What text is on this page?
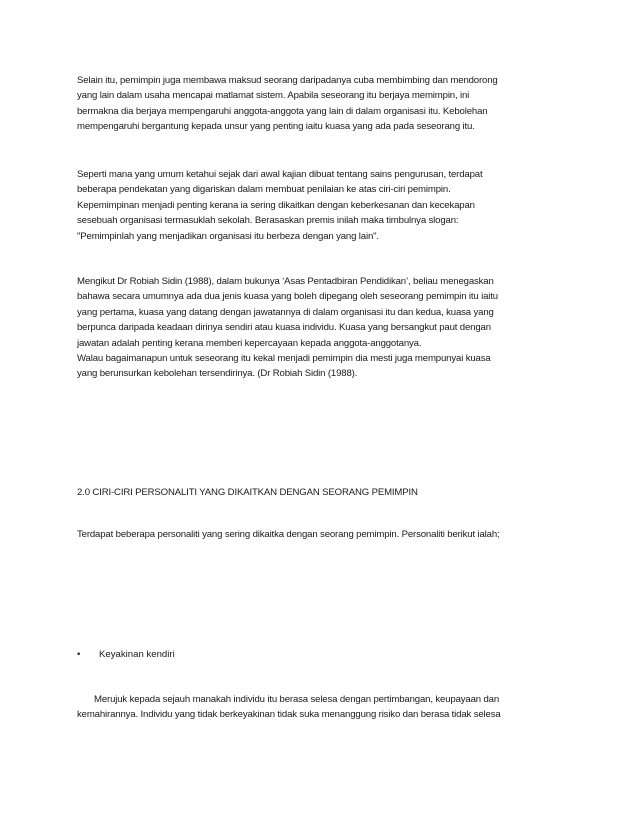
Selain itu, pemimpin juga membawa maksud seorang daripadanya cuba membimbing dan mendorong
yang lain dalam usaha mencapai matlamat sistem. Apabila seseorang itu berjaya memimpin, ini
bermakna dia berjaya mempengaruhi anggota-anggota yang lain di dalam organisasi itu. Kebolehan
mempengaruhi bergantung kepada unsur yang penting iaitu kuasa yang ada pada seseorang itu.
Seperti mana yang umum ketahui sejak dari awal kajian dibuat tentang sains pengurusan, terdapat
beberapa pendekatan yang digariskan dalam membuat penilaian ke atas ciri-ciri pemimpin.
Kepemimpinan menjadi penting kerana ia sering dikaitkan dengan keberkesanan dan kecekapan
sesebuah organisasi termasuklah sekolah. Berasaskan premis inilah maka timbulnya slogan:
"Pemimpinlah yang menjadikan organisasi itu berbeza dengan yang lain".
Mengikut Dr Robiah Sidin (1988), dalam bukunya ‘Asas Pentadbiran Pendidikan’, beliau menegaskan
bahawa secara umumnya ada dua jenis kuasa yang boleh dipegang oleh seseorang pemimpin itu iaitu
yang pertama, kuasa yang datang dengan jawatannya di dalam organisasi itu dan kedua, kuasa yang
berpunca daripada keadaan dirinya sendiri atau kuasa individu. Kuasa yang bersangkut paut dengan
jawatan adalah penting kerana memberi kepercayaan kepada anggota-anggotanya.
Walau bagaimanapun untuk seseorang itu kekal menjadi pemimpin dia mesti juga mempunyai kuasa
yang berunsurkan kebolehan tersendirinya. (Dr Robiah Sidin (1988).
2.0 CIRI-CIRI PERSONALITI YANG DIKAITKAN DENGAN SEORANG PEMIMPIN
Terdapat beberapa personaliti yang sering dikaitka dengan seorang pemimpin. Personaliti berikut ialah;
• Keyakinan kendiri
Merujuk kepada sejauh manakah individu itu berasa selesa dengan pertimbangan, keupayaan dan
kemahirannya. Individu yang tidak berkeyakinan tidak suka menanggung risiko dan berasa tidak selesa
